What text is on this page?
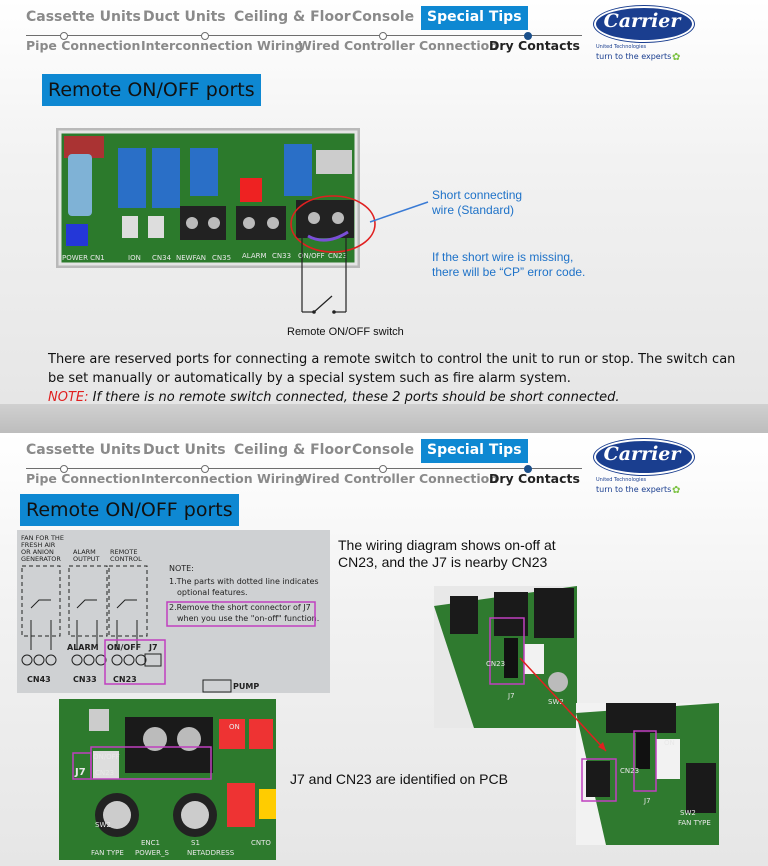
Cassette Units Duct Units Ceiling & Floor Console Special Tips
Pipe Connection Interconnection Wiring
Wired Controller Connection
Dry Contacts
Carrier
United Technologies
turn to the experts ✿
Remote ON/OFF ports
POWER CN1	ION CN34 NEWFAN CN35 ALARM CN33 ON/OFF CN23
Short connecting
wire (Standard)
If the short wire is missing,
there will be “CP” error code.
Remote ON/OFF switch
There are reserved ports for connecting a remote switch to control the unit to run or stop. The switch can
be set manually or automatically by a special system such as fire alarm system.
NOTE: If there is no remote switch connected, these 2 ports should be short connected.
Cassette Units Duct Units Ceiling & Floor Console Special Tips
Pipe Connection Interconnection Wiring
Wired Controller Connection
Dry Contacts
Carrier
United Technologies
turn to the experts ✿
Remote ON/OFF ports
FAN FOR THE
FRESH AIR
OR ANION
GENERATOR
ALARM
OUTPUT
REMOTE
CONTROL
CN43
ALARM
CN33
ON/OFF
CN23
J7
PUMP
NOTE:
1.The parts with dotted line indicates
optional features.
2.Remove the short connector of J7
when you use the "on-off" function.
The wiring diagram shows on-off at
CN23, and the J7 is nearby CN23
J7
CN23
SW2
J7
CN23
SW2
FAN TYPE
ON
J7
ON/OFF
CN23
ON
SW2
FAN TYPE
ENC1
POWER_S
S1
NETADDRESS
CNTO
J7 and CN23 are identified on PCB
